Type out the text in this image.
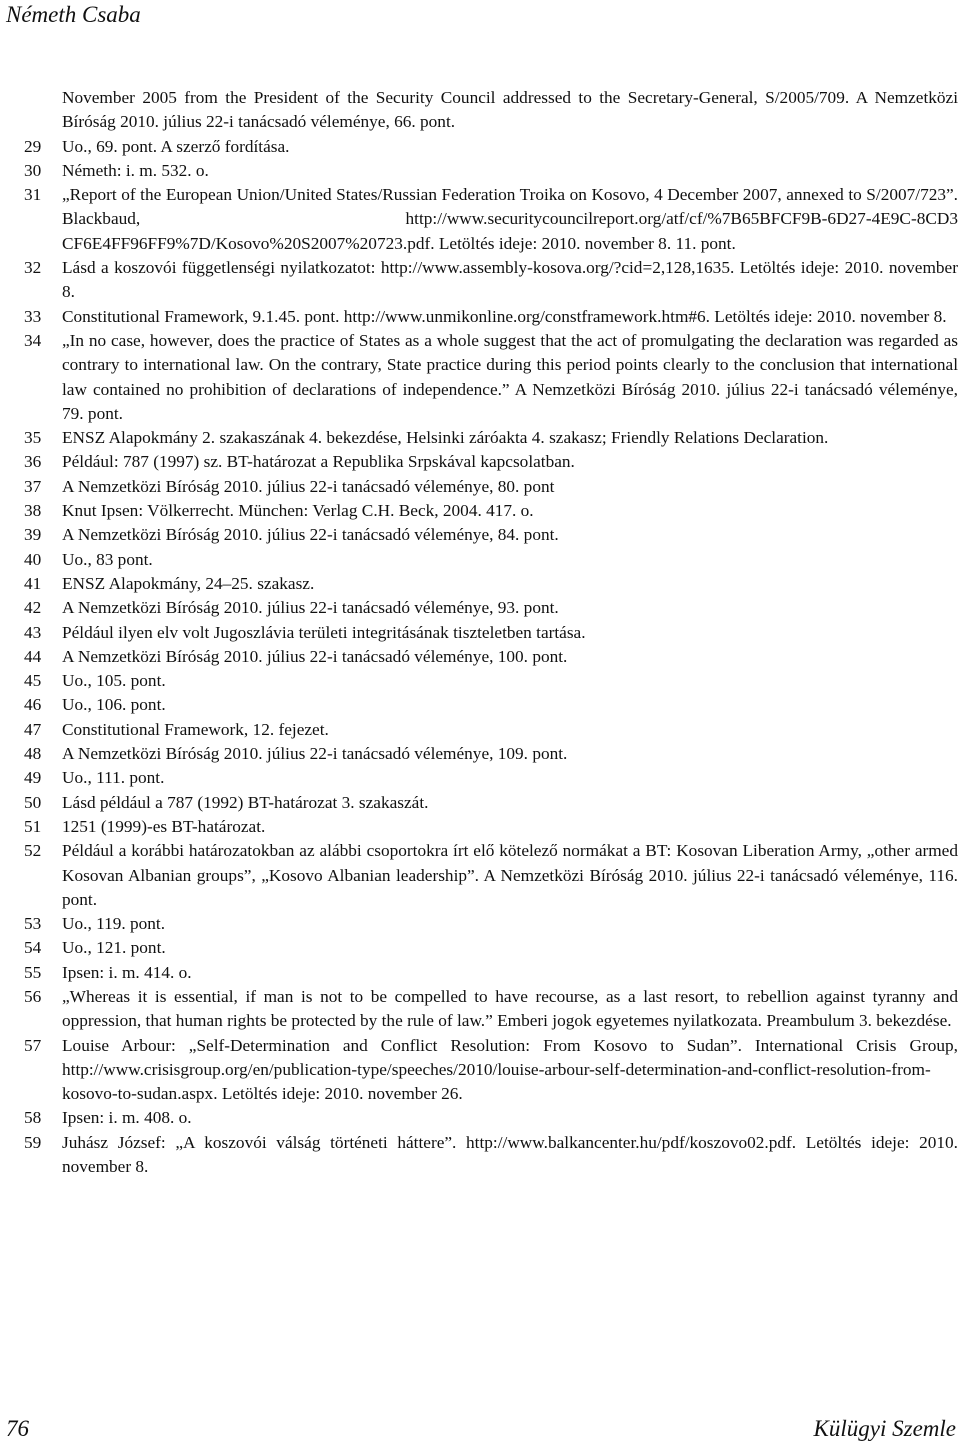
Németh Csaba
November 2005 from the President of the Security Council addressed to the Secretary-General, S/2005/709. A Nemzetközi Bíróság 2010. július 22-i tanácsadó véleménye, 66. pont.
29	Uo., 69. pont. A szerző fordítása.
30	Németh: i. m. 532. o.
31	„Report of the European Union/United States/Russian Federation Troika on Kosovo, 4 December 2007, annexed to S/2007/723”. Blackbaud, http://www.securitycouncilreport.org/atf/cf/%7B65BFCF9B-6D27-4E9C-8CD3 CF6E4FF96FF9%7D/Kosovo%20S2007%20723.pdf. Letöltés ideje: 2010. november 8. 11. pont.
32	Lásd a koszovói függetlenségi nyilatkozatot: http://www.assembly-kosova.org/?cid=2,128,1635. Letöltés ideje: 2010. november 8.
33	Constitutional Framework, 9.1.45. pont. http://www.unmikonline.org/constframework.htm#6. Letöltés ideje: 2010. november 8.
34	„In no case, however, does the practice of States as a whole suggest that the act of promulgating the declaration was regarded as contrary to international law. On the contrary, State practice during this period points clearly to the conclusion that international law contained no prohibition of declarations of independence.” A Nemzetközi Bíróság 2010. július 22-i tanácsadó véleménye, 79. pont.
35	ENSZ Alapokmány 2. szakaszának 4. bekezdése, Helsinki záróakta 4. szakasz; Friendly Relations Declaration.
36	Például: 787 (1997) sz. BT-határozat a Republika Srpskával kapcsolatban.
37	A Nemzetközi Bíróság 2010. július 22-i tanácsadó véleménye, 80. pont
38	Knut Ipsen: Völkerrecht. München: Verlag C.H. Beck, 2004. 417. o.
39	A Nemzetközi Bíróság 2010. július 22-i tanácsadó véleménye, 84. pont.
40	Uo., 83 pont.
41	ENSZ Alapokmány, 24–25. szakasz.
42	A Nemzetközi Bíróság 2010. július 22-i tanácsadó véleménye, 93. pont.
43	Például ilyen elv volt Jugoszlávia területi integritásának tiszteletben tartása.
44	A Nemzetközi Bíróság 2010. július 22-i tanácsadó véleménye, 100. pont.
45	Uo., 105. pont.
46	Uo., 106. pont.
47	Constitutional Framework, 12. fejezet.
48	A Nemzetközi Bíróság 2010. július 22-i tanácsadó véleménye, 109. pont.
49	Uo., 111. pont.
50	Lásd például a 787 (1992) BT-határozat 3. szakaszát.
51	1251 (1999)-es BT-határozat.
52	Például a korábbi határozatokban az alábbi csoportokra írt elő kötelező normákat a BT: Kosovan Liberation Army, „other armed Kosovan Albanian groups”, „Kosovo Albanian leadership”. A Nemzetközi Bíróság 2010. július 22-i tanácsadó véleménye, 116. pont.
53	Uo., 119. pont.
54	Uo., 121. pont.
55	Ipsen: i. m. 414. o.
56	„Whereas it is essential, if man is not to be compelled to have recourse, as a last resort, to rebellion against tyranny and oppression, that human rights be protected by the rule of law.” Emberi jogok egyetemes nyilatkozata. Preambulum 3. bekezdése.
57	Louise Arbour: „Self-Determination and Conflict Resolution: From Kosovo to Sudan”. International Crisis Group, http://www.crisisgroup.org/en/publication-type/speeches/2010/louise-arbour-self-determination-and-conflict-resolution-from-kosovo-to-sudan.aspx. Letöltés ideje: 2010. november 26.
58	Ipsen: i. m. 408. o.
59	Juhász József: „A koszovói válság történeti háttere”. http://www.balkancenter.hu/pdf/koszovo02.pdf. Letöltés ideje: 2010. november 8.
76	Külügyi Szemle
